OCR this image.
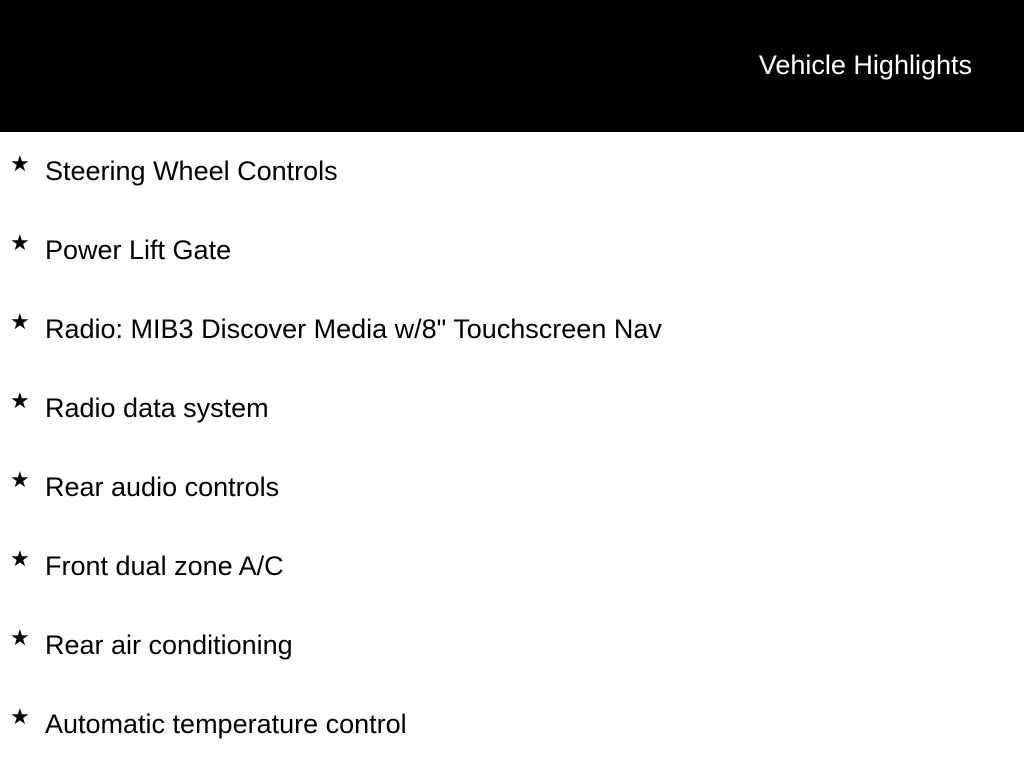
Vehicle Highlights
★ Steering Wheel Controls
★ Power Lift Gate
★ Radio: MIB3 Discover Media w/8" Touchscreen Nav
★ Radio data system
★ Rear audio controls
★ Front dual zone A/C
★ Rear air conditioning
★ Automatic temperature control
